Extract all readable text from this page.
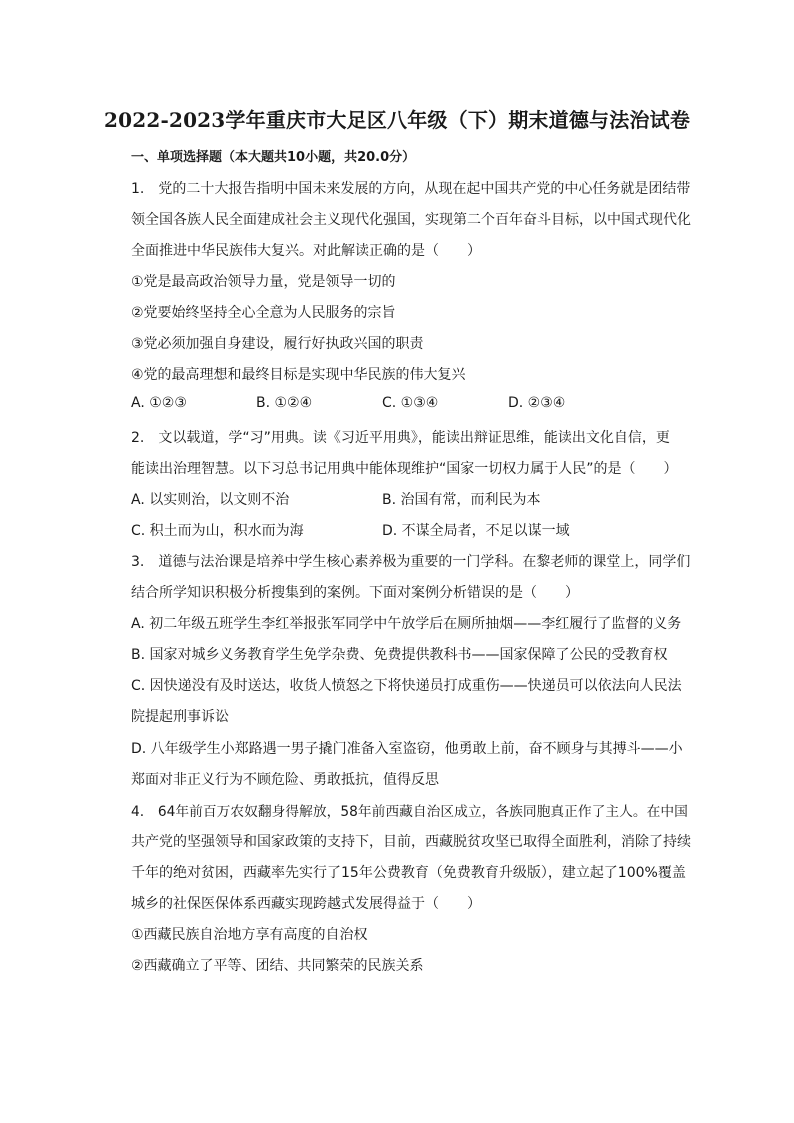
2022-2023学年重庆市大足区八年级（下）期末道德与法治试卷
一、单项选择题（本大题共10小题，共20.0分）
1.　党的二十大报告指明中国未来发展的方向，从现在起中国共产党的中心任务就是团结带
领全国各族人民全面建成社会主义现代化强国，实现第二个百年奋斗目标，以中国式现代化
全面推进中华民族伟大复兴。对此解读正确的是（　　）
①党是最高政治领导力量，党是领导一切的
②党要始终坚持全心全意为人民服务的宗旨
③党必须加强自身建设，履行好执政兴国的职责
④党的最高理想和最终目标是实现中华民族的伟大复兴
A. ①②③	B. ①②④	C. ①③④	D. ②③④
2.　文以载道，学“习”用典。读《习近平用典》，能读出辩证思维，能读出文化自信，更
能读出治理智慧。以下习总书记用典中能体现维护“国家一切权力属于人民”的是（　　）
A. 以实则治，以文则不治	B. 治国有常，而利民为本
C. 积土而为山，积水而为海	D. 不谋全局者，不足以谋一域
3.　道德与法治课是培养中学生核心素养极为重要的一门学科。在黎老师的课堂上，同学们
结合所学知识积极分析搜集到的案例。下面对案例分析错误的是（　　）
A. 初二年级五班学生李红举报张军同学中午放学后在厕所抽烟——李红履行了监督的义务
B. 国家对城乡义务教育学生免学杂费、免费提供教科书——国家保障了公民的受教育权
C. 因快递没有及时送达，收货人愤怒之下将快递员打成重伤——快递员可以依法向人民法
院提起刑事诉讼
D. 八年级学生小郑路遇一男子撬门准备入室盗窃，他勇敢上前，奋不顾身与其搏斗——小
郑面对非正义行为不顾危险、勇敢抵抗，值得反思
4.　64年前百万农奴翻身得解放，58年前西藏自治区成立，各族同胞真正作了主人。在中国
共产党的坚强领导和国家政策的支持下，目前，西藏脱贫攻坚已取得全面胜利，消除了持续
千年的绝对贫困，西藏率先实行了15年公费教育（免费教育升级版），建立起了100%覆盖
城乡的社保医保体系西藏实现跨越式发展得益于（　　）
①西藏民族自治地方享有高度的自治权
②西藏确立了平等、团结、共同繁荣的民族关系
